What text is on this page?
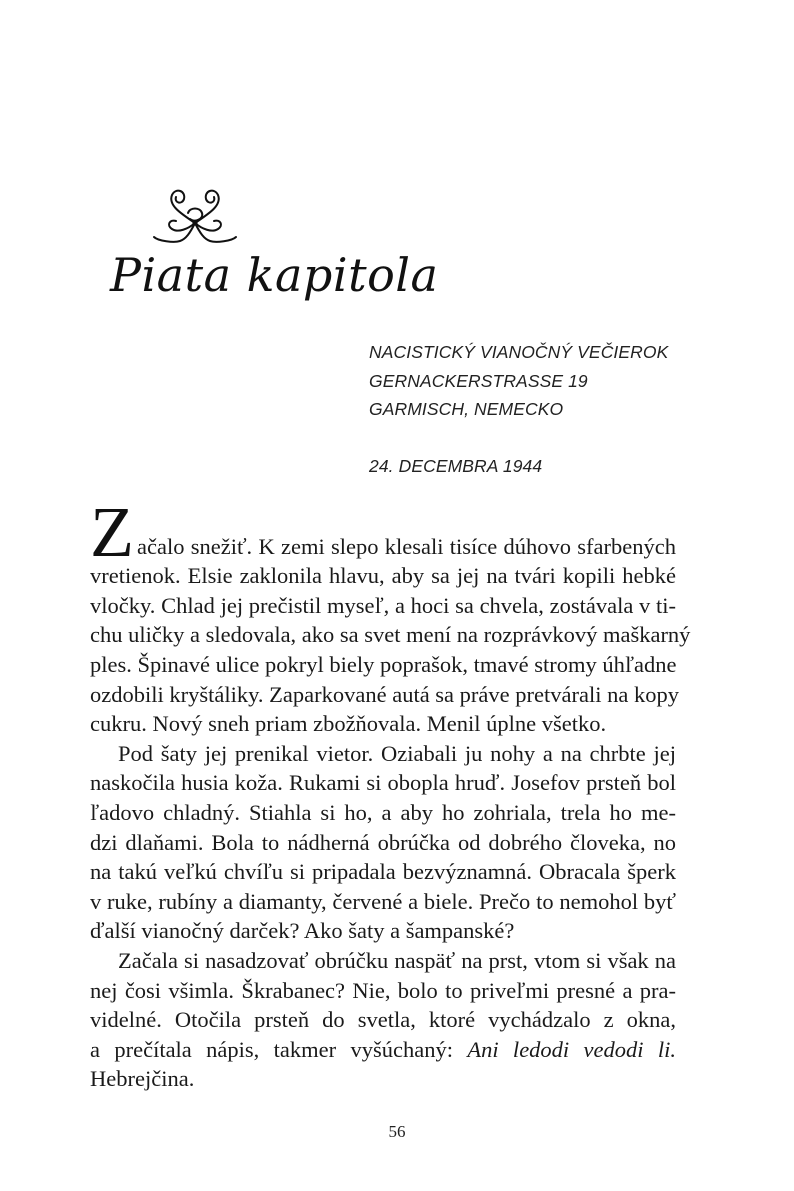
Piata kapitola
NACISTICKÝ VIANOČNÝ VEČIEROK
GERNACKERSTRASSE 19
GARMISCH, NEMECKO
24. DECEMBRA 1944
Z ačalo snežiť. K zemi slepo klesali tisíce dúhovo sfarbených
vretienok. Elsie zaklonila hlavu, aby sa jej na tvári kopili hebké
vločky. Chlad jej prečistil myseľ, a hoci sa chvela, zostávala v ti-
chu uličky a sledovala, ako sa svet mení na rozprávkový maškarný
ples. Špinavé ulice pokryl biely poprašok, tmavé stromy úhľadne
ozdobili kryštáliky. Zaparkované autá sa práve pretvárali na kopy
cukru. Nový sneh priam zbožňovala. Menil úplne všetko.
Pod šaty jej prenikal vietor. Oziabali ju nohy a na chrbte jej
naskočila husia koža. Rukami si obopla hruď. Josefov prsteň bol
ľadovo chladný. Stiahla si ho, a aby ho zohriala, trela ho me-
dzi dlaňami. Bola to nádherná obrúčka od dobrého človeka, no
na takú veľkú chvíľu si pripadala bezvýznamná. Obracala šperk
v ruke, rubíny a diamanty, červené a biele. Prečo to nemohol byť
ďalší vianočný darček? Ako šaty a šampanské?
Začala si nasadzovať obrúčku naspäť na prst, vtom si však na
nej čosi všimla. Škrabanec? Nie, bolo to priveľmi presné a pra-
videlné. Otočila prsteň do svetla, ktoré vychádzalo z okna,
a prečítala nápis, takmer vyšúchaný: Ani ledodi vedodi li.
Hebrejčina.
56
